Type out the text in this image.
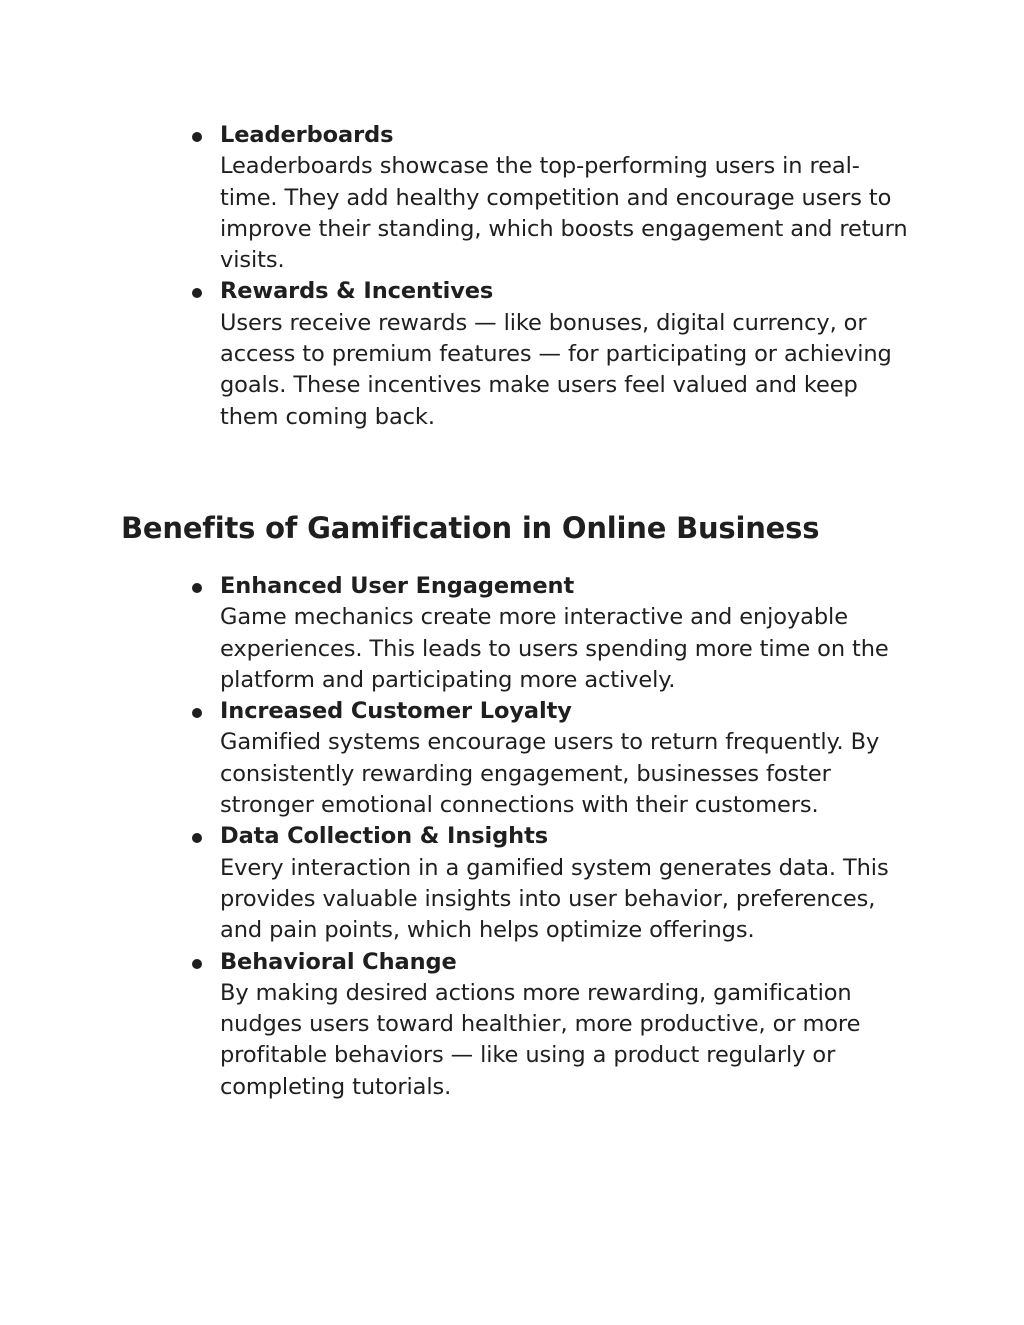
Leaderboards
Leaderboards showcase the top-performing users in real-time. They add healthy competition and encourage users to improve their standing, which boosts engagement and return visits.
Rewards & Incentives
Users receive rewards — like bonuses, digital currency, or access to premium features — for participating or achieving goals. These incentives make users feel valued and keep them coming back.
Benefits of Gamification in Online Business
Enhanced User Engagement
Game mechanics create more interactive and enjoyable experiences. This leads to users spending more time on the platform and participating more actively.
Increased Customer Loyalty
Gamified systems encourage users to return frequently. By consistently rewarding engagement, businesses foster stronger emotional connections with their customers.
Data Collection & Insights
Every interaction in a gamified system generates data. This provides valuable insights into user behavior, preferences, and pain points, which helps optimize offerings.
Behavioral Change
By making desired actions more rewarding, gamification nudges users toward healthier, more productive, or more profitable behaviors — like using a product regularly or completing tutorials.
